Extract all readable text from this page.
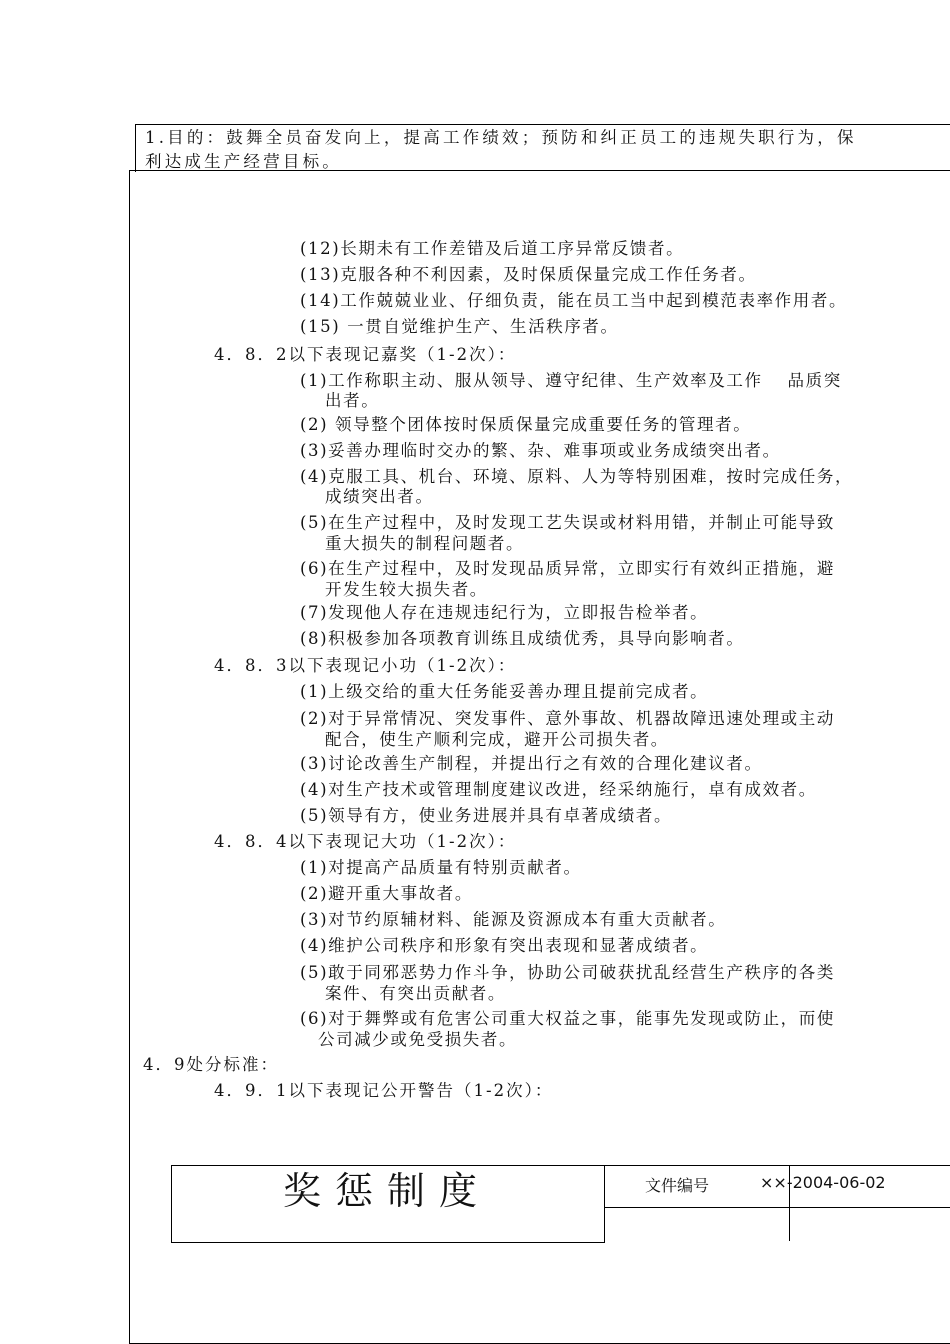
1.目的：鼓舞全员奋发向上，提高工作绩效；预防和纠正员工的违规失职行为，保
利达成生产经营目标。
(12)长期未有工作差错及后道工序异常反馈者。
(13)克服各种不利因素，及时保质保量完成工作任务者。
(14)工作兢兢业业、仔细负责，能在员工当中起到模范表率作用者。
(15) 一贯自觉维护生产、生活秩序者。
4．8．2以下表现记嘉奖（1-2次）：
(1)工作称职主动、服从领导、遵守纪律、生产效率及工作　 品质突
出者。
(2) 领导整个团体按时保质保量完成重要任务的管理者。
(3)妥善办理临时交办的繁、杂、难事项或业务成绩突出者。
(4)克服工具、机台、环境、原料、人为等特别困难，按时完成任务，
成绩突出者。
(5)在生产过程中，及时发现工艺失误或材料用错，并制止可能导致
重大损失的制程问题者。
(6)在生产过程中，及时发现品质异常，立即实行有效纠正措施，避
开发生较大损失者。
(7)发现他人存在违规违纪行为，立即报告检举者。
(8)积极参加各项教育训练且成绩优秀，具导向影响者。
4．8．3以下表现记小功（1-2次）：
(1)上级交给的重大任务能妥善办理且提前完成者。
(2)对于异常情况、突发事件、意外事故、机器故障迅速处理或主动
配合，使生产顺利完成，避开公司损失者。
(3)讨论改善生产制程，并提出行之有效的合理化建议者。
(4)对生产技术或管理制度建议改进，经采纳施行，卓有成效者。
(5)领导有方，使业务进展并具有卓著成绩者。
4．8．4以下表现记大功（1-2次）：
(1)对提高产品质量有特别贡献者。
(2)避开重大事故者。
(3)对节约原辅材料、能源及资源成本有重大贡献者。
(4)维护公司秩序和形象有突出表现和显著成绩者。
(5)敢于同邪恶势力作斗争，协助公司破获扰乱经营生产秩序的各类
案件、有突出贡献者。
(6)对于舞弊或有危害公司重大权益之事，能事先发现或防止，而使
公司减少或免受损失者。
4．9处分标准：
4．9．1以下表现记公开警告（1-2次）：
奖惩制度	文件编号	××-2004-06-02
